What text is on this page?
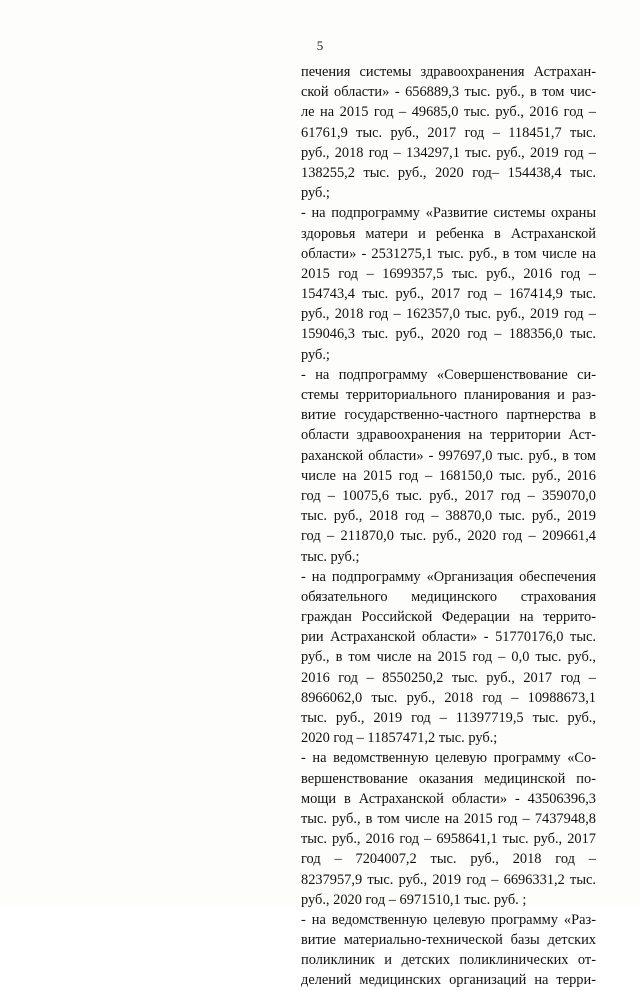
5
печения системы здравоохранения Астрахан-
ской области» - 656889,3 тыс. руб., в том чис-
ле на 2015 год – 49685,0 тыс. руб., 2016 год –
61761,9 тыс. руб., 2017 год – 118451,7 тыс.
руб., 2018 год – 134297,1 тыс. руб., 2019 год –
138255,2 тыс. руб., 2020 год– 154438,4 тыс.
руб.;
- на подпрограмму «Развитие системы охраны
здоровья матери и ребенка в Астраханской
области» - 2531275,1 тыс. руб., в том числе на
2015 год – 1699357,5 тыс. руб., 2016 год –
154743,4 тыс. руб., 2017 год – 167414,9 тыс.
руб., 2018 год – 162357,0 тыс. руб., 2019 год –
159046,3 тыс. руб., 2020 год – 188356,0 тыс.
руб.;
- на подпрограмму «Совершенствование си-
стемы территориального планирования и раз-
витие государственно-частного партнерства в
области здравоохранения на территории Аст-
раханской области» - 997697,0 тыс. руб., в том
числе на 2015 год – 168150,0 тыс. руб., 2016
год – 10075,6 тыс. руб., 2017 год – 359070,0
тыс. руб., 2018 год – 38870,0 тыс. руб., 2019
год – 211870,0 тыс. руб., 2020 год – 209661,4
тыс. руб.;
- на подпрограмму «Организация обеспечения
обязательного медицинского страхования
граждан Российской Федерации на террито-
рии Астраханской области» - 51770176,0 тыс.
руб., в том числе на 2015 год – 0,0 тыс. руб.,
2016 год – 8550250,2 тыс. руб., 2017 год –
8966062,0 тыс. руб., 2018 год – 10988673,1
тыс. руб., 2019 год – 11397719,5 тыс. руб.,
2020 год – 11857471,2 тыс. руб.;
- на ведомственную целевую программу «Со-
вершенствование оказания медицинской по-
мощи в Астраханской области» - 43506396,3
тыс. руб., в том числе на 2015 год – 7437948,8
тыс. руб., 2016 год – 6958641,1 тыс. руб., 2017
год – 7204007,2 тыс. руб., 2018 год –
8237957,9 тыс. руб., 2019 год – 6696331,2 тыс.
руб., 2020 год – 6971510,1 тыс. руб. ;
- на ведомственную целевую программу «Раз-
витие материально-технической базы детских
поликлиник и детских поликлинических от-
делений медицинских организаций на терри-
